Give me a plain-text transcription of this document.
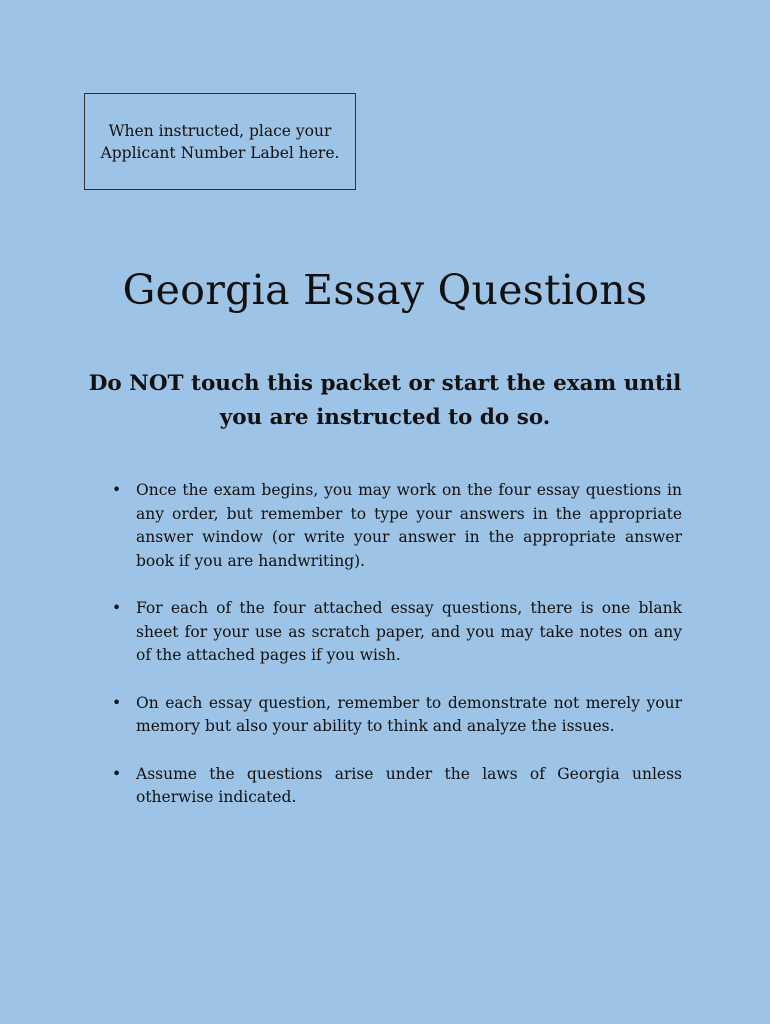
When instructed, place your Applicant Number Label here.
Georgia Essay Questions

Do NOT touch this packet or start the exam until you are instructed to do so.

• Once the exam begins, you may work on the four essay questions in any order, but remember to type your answers in the appropriate answer window (or write your answer in the appropriate answer book if you are handwriting).
• For each of the four attached essay questions, there is one blank sheet for your use as scratch paper, and you may take notes on any of the attached pages if you wish.
• On each essay question, remember to demonstrate not merely your memory but also your ability to think and analyze the issues.
• Assume the questions arise under the laws of Georgia unless otherwise indicated.
